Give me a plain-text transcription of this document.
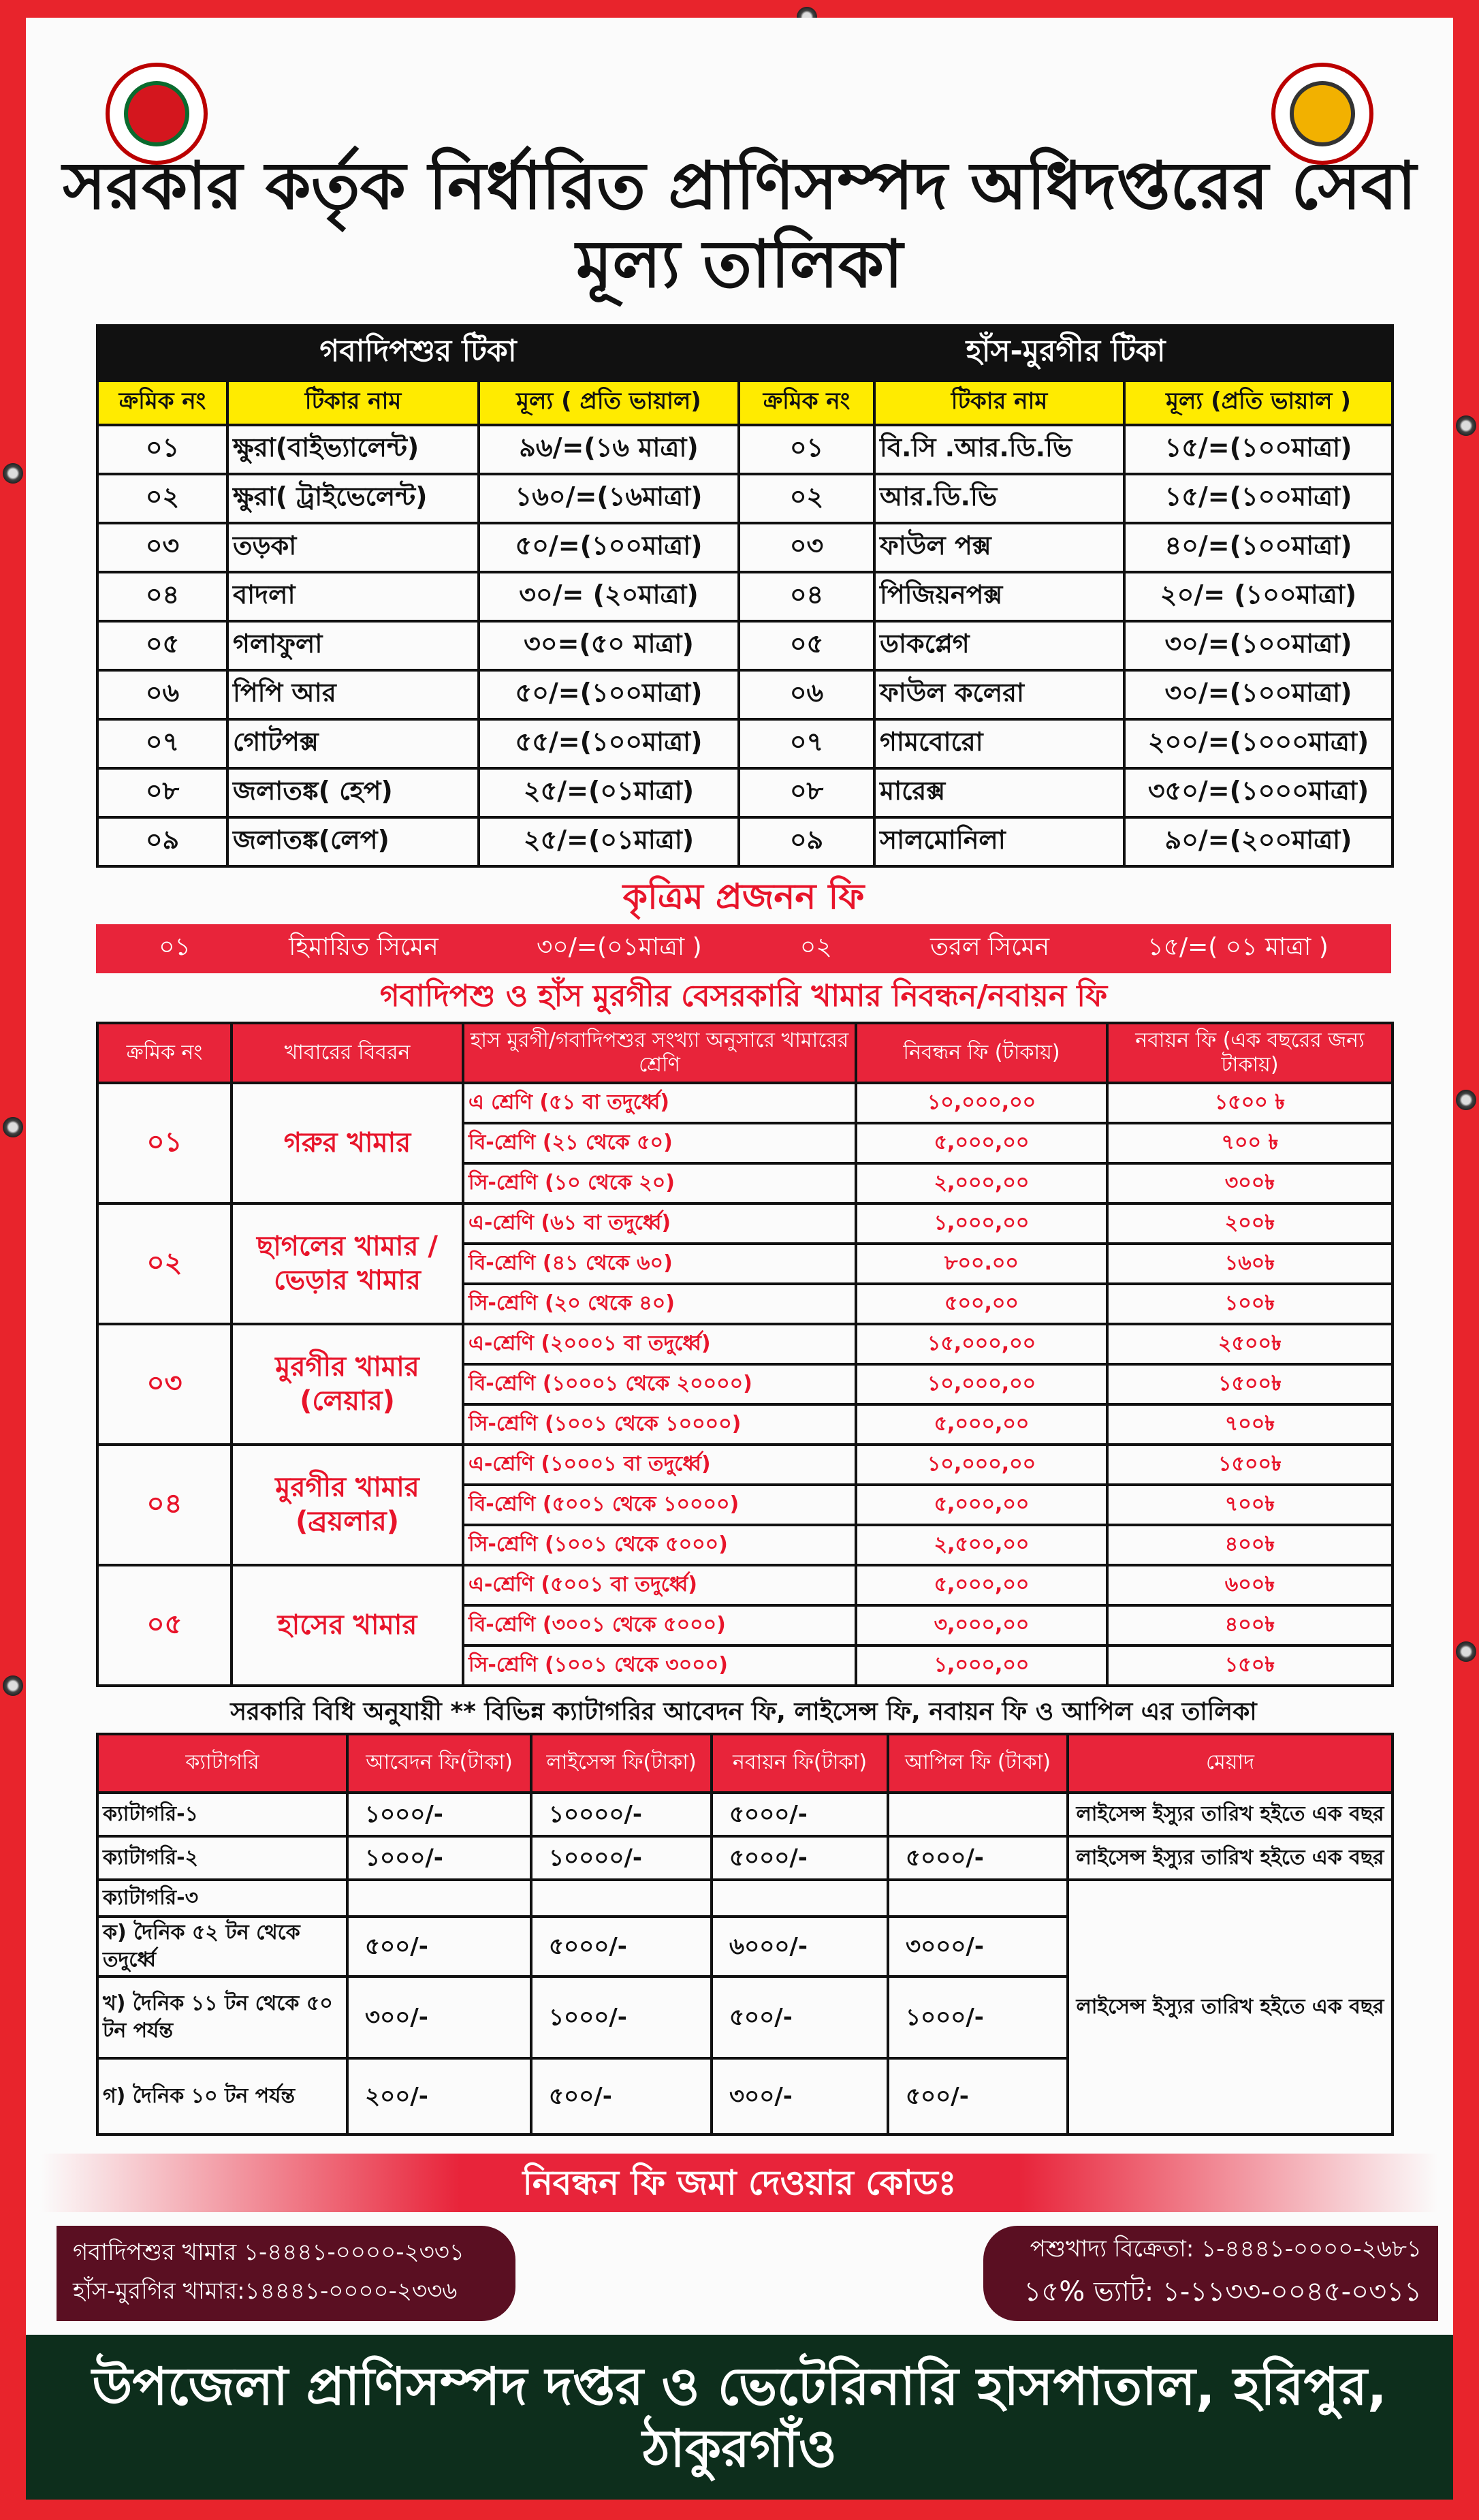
সরকার কর্তৃক নির্ধারিত প্রাণিসম্পদ অধিদপ্তরের সেবা মূল্য তালিকা
গবাদিপশুর টিকা			হাঁস-মুরগীর টিকা		
ক্রমিক নং	টিকার নাম	মূল্য ( প্রতি ভায়াল)	ক্রমিক নং	টিকার নাম	মূল্য (প্রতি ভায়াল )
০১	ক্ষুরা(বাইভ্যালেন্ট)	৯৬/=(১৬ মাত্রা)	০১	বি.সি .আর.ডি.ভি	১৫/=(১০০মাত্রা)
০২	ক্ষুরা( ট্রাইভেলেন্ট)	১৬০/=(১৬মাত্রা)	০২	আর.ডি.ভি	১৫/=(১০০মাত্রা)
০৩	তড়কা	৫০/=(১০০মাত্রা)	০৩	ফাউল পক্স	৪০/=(১০০মাত্রা)
০৪	বাদলা	৩০/= (২০মাত্রা)	০৪	পিজিয়নপক্স	২০/= (১০০মাত্রা)
০৫	গলাফুলা	৩০=(৫০ মাত্রা)	০৫	ডাকপ্লেগ	৩০/=(১০০মাত্রা)
০৬	পিপি আর	৫০/=(১০০মাত্রা)	০৬	ফাউল কলেরা	৩০/=(১০০মাত্রা)
০৭	গোটপক্স	৫৫/=(১০০মাত্রা)	০৭	গামবোরো	২০০/=(১০০০মাত্রা)
০৮	জলাতঙ্ক( হেপ)	২৫/=(০১মাত্রা)	০৮	মারেক্স	৩৫০/=(১০০০মাত্রা)
০৯	জলাতঙ্ক(লেপ)	২৫/=(০১মাত্রা)	০৯	সালমোনিলা	৯০/=(২০০মাত্রা)
কৃত্রিম প্রজনন ফি
০১	হিমায়িত সিমেন	৩০/=(০১মাত্রা )	০২	তরল সিমেন	১৫/=( ০১ মাত্রা )
গবাদিপশু ও হাঁস মুরগীর বেসরকারি খামার নিবন্ধন/নবায়ন ফি
ক্রমিক নং	খাবারের বিবরন	হাস মুরগী/গবাদিপশুর সংখ্যা অনুসারে খামারের শ্রেণি	নিবন্ধন ফি (টাকায়)	নবায়ন ফি (এক বছরের জন্য টাকায়)
০১	গরুর খামার	এ শ্রেণি (৫১ বা তদুর্ধ্বে)	১০,০০০,০০	১৫০০ ৳
		বি-শ্রেণি (২১ থেকে ৫০)	৫,০০০,০০	৭০০ ৳
		সি-শ্রেণি (১০ থেকে ২০)	২,০০০,০০	৩০০৳
০২	ছাগলের খামার / ভেড়ার খামার	এ-শ্রেণি (৬১ বা তদুর্ধ্বে)	১,০০০,০০	২০০৳
		বি-শ্রেণি (৪১ থেকে ৬০)	৮০০.০০	১৬০৳
		সি-শ্রেণি (২০ থেকে ৪০)	৫০০,০০	১০০৳
০৩	মুরগীর খামার (লেয়ার)	এ-শ্রেণি (২০০০১ বা তদুর্ধ্বে)	১৫,০০০,০০	২৫০০৳
		বি-শ্রেণি (১০০০১ থেকে ২০০০০)	১০,০০০,০০	১৫০০৳
		সি-শ্রেণি (১০০১ থেকে ১০০০০)	৫,০০০,০০	৭০০৳
০৪	মুরগীর খামার (ব্রয়লার)	এ-শ্রেণি (১০০০১ বা তদুর্ধ্বে)	১০,০০০,০০	১৫০০৳
		বি-শ্রেণি (৫০০১ থেকে ১০০০০)	৫,০০০,০০	৭০০৳
		সি-শ্রেণি (১০০১ থেকে ৫০০০)	২,৫০০,০০	৪০০৳
০৫	হাসের খামার	এ-শ্রেণি (৫০০১ বা তদুর্ধ্বে)	৫,০০০,০০	৬০০৳
		বি-শ্রেণি (৩০০১ থেকে ৫০০০)	৩,০০০,০০	৪০০৳
		সি-শ্রেণি (১০০১ থেকে ৩০০০)	১,০০০,০০	১৫০৳
সরকারি বিধি অনুযায়ী ** বিভিন্ন ক্যাটাগরির আবেদন ফি, লাইসেন্স ফি, নবায়ন ফি ও আপিল এর তালিকা
ক্যাটাগরি	আবেদন ফি(টাকা)	লাইসেন্স ফি(টাকা)	নবায়ন ফি(টাকা)	আপিল ফি (টাকা)	মেয়াদ
ক্যাটাগরি-১	১০০০/-	১০০০০/-	৫০০০/-		লাইসেন্স ইস্যুর তারিখ হইতে এক বছর
ক্যাটাগরি-২	১০০০/-	১০০০০/-	৫০০০/-	৫০০০/-	লাইসেন্স ইস্যুর তারিখ হইতে এক বছর
ক্যাটাগরি-৩					লাইসেন্স ইস্যুর তারিখ হইতে এক বছর
ক) দৈনিক ৫২ টন থেকে তদুর্ধ্বে	৫০০/-	৫০০০/-	৬০০০/-	৩০০০/-	
খ) দৈনিক ১১ টন থেকে ৫০ টন পর্যন্ত	৩০০/-	১০০০/-	৫০০/-	১০০০/-	
গ) দৈনিক ১০ টন পর্যন্ত	২০০/-	৫০০/-	৩০০/-	৫০০/-	
নিবন্ধন ফি জমা দেওয়ার কোডঃ
গবাদিপশুর খামার ১-৪৪৪১-০০০০-২৩৩১
হাঁস-মুরগির খামার:১৪৪৪১-০০০০-২৩৩৬
পশুখাদ্য বিক্রেতা: ১-৪৪৪১-০০০০-২৬৮১
১৫% ভ্যাট: ১-১১৩৩-০০৪৫-০৩১১
উপজেলা প্রাণিসম্পদ দপ্তর ও ভেটেরিনারি হাসপাতাল, হরিপুর, ঠাকুরগাঁও
